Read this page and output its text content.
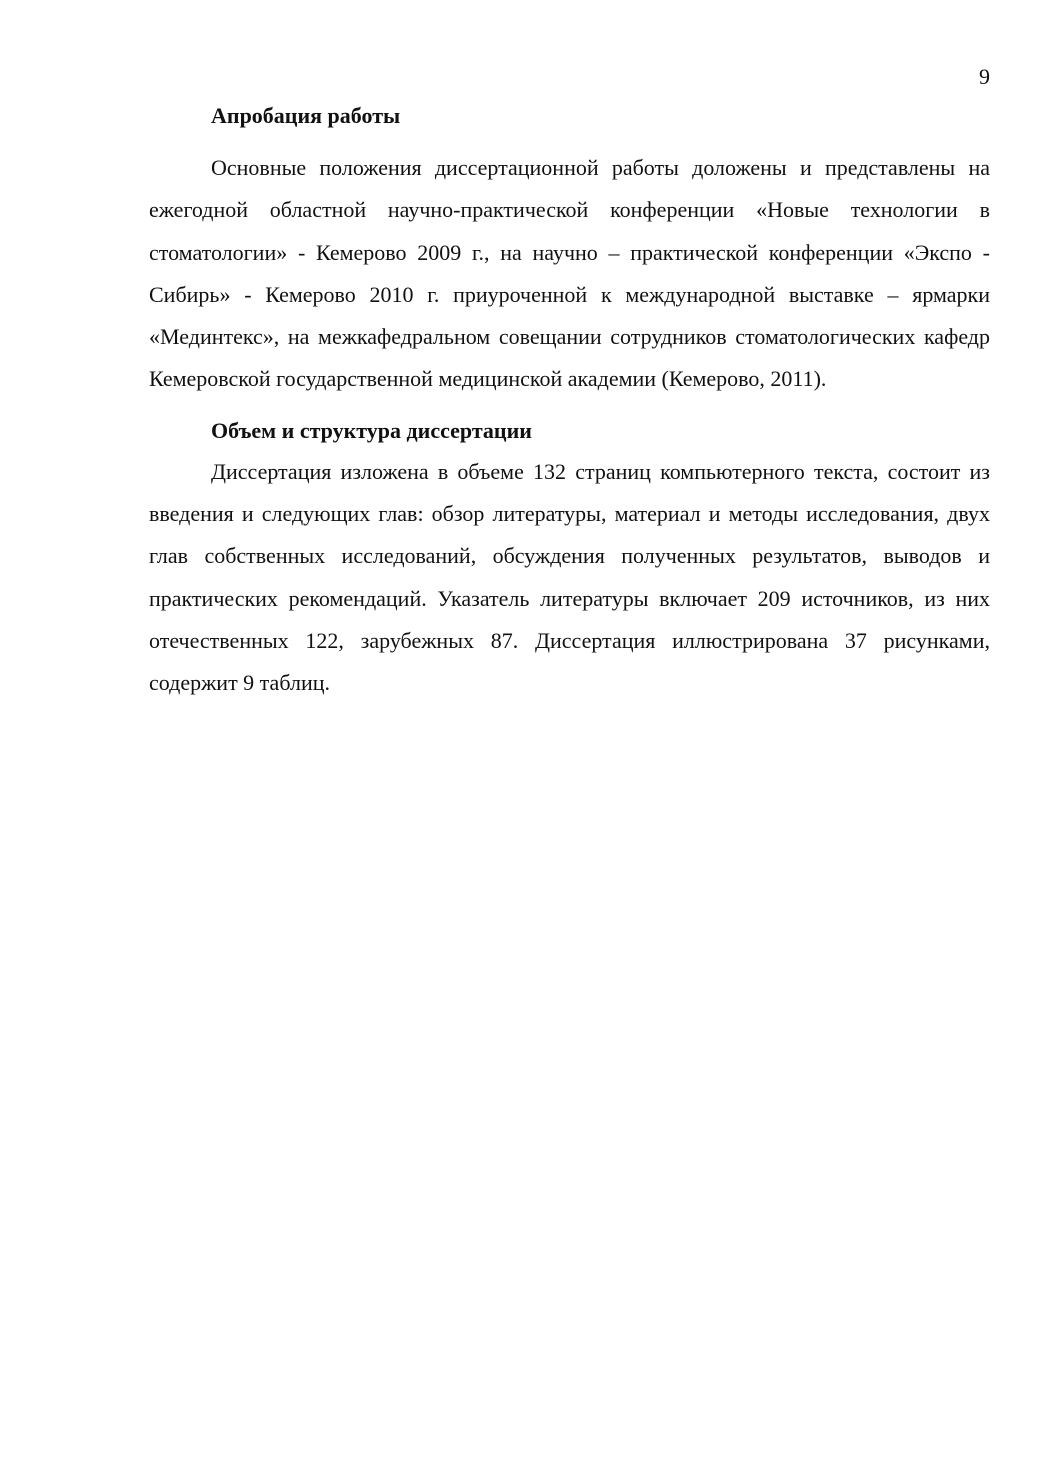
9
Апробация работы

Основные положения диссертационной работы доложены и представлены на ежегодной областной научно-практической конференции «Новые технологии в стоматологии» - Кемерово 2009 г., на научно – практической конференции «Экспо - Сибирь» - Кемерово 2010 г. приуроченной к международной выставке – ярмарки «Мединтекс», на межкафедральном совещании сотрудников стоматологических кафедр Кемеровской государственной медицинской академии (Кемерово, 2011).

Объем и структура диссертации

Диссертация изложена в объеме 132 страниц компьютерного текста, состоит из введения и следующих глав: обзор литературы, материал и методы исследования, двух глав собственных исследований, обсуждения полученных результатов, выводов и практических рекомендаций. Указатель литературы включает 209 источников, из них отечественных 122, зарубежных 87. Диссертация иллюстрирована 37 рисунками, содержит 9 таблиц.
